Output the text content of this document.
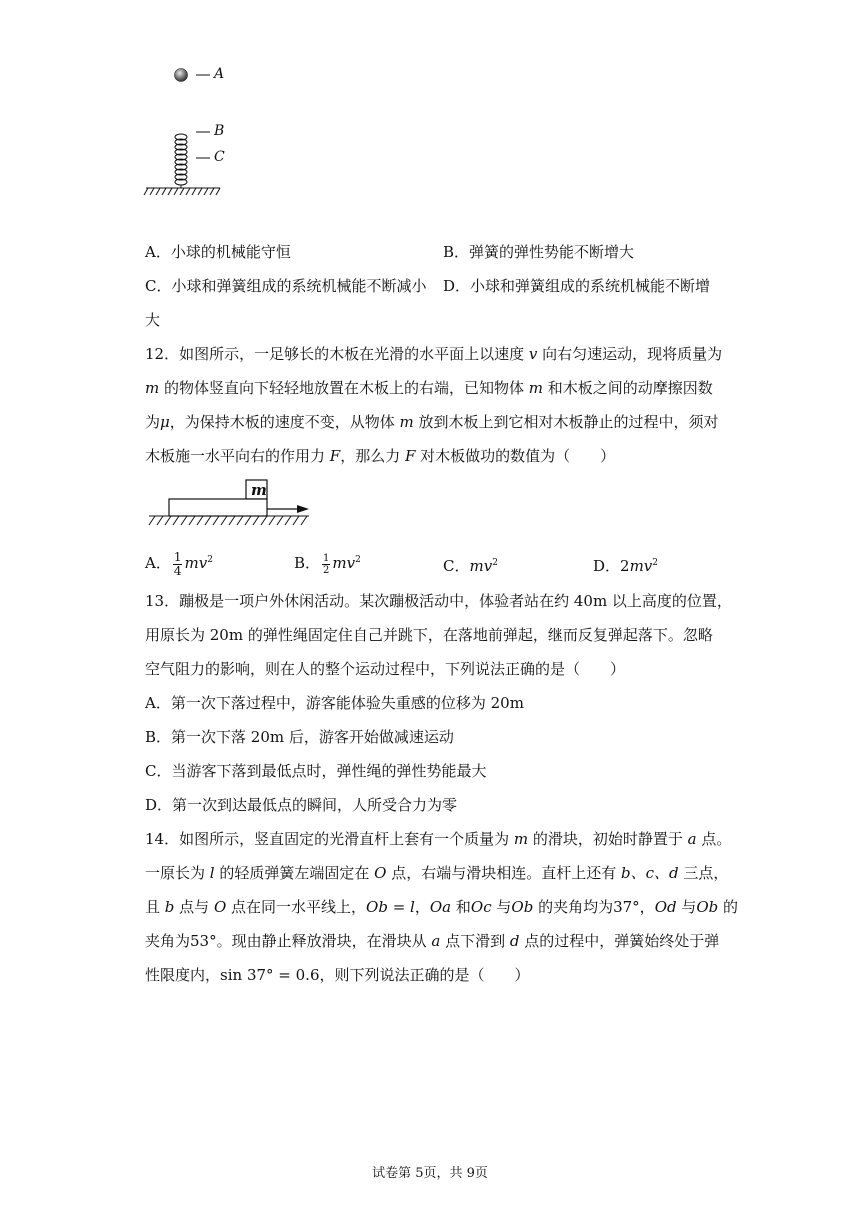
A
B
C
A．小球的机械能守恒	B．弹簧的弹性势能不断增大
C．小球和弹簧组成的系统机械能不断减小 D．小球和弹簧组成的系统机械能不断增
大
12．如图所示，一足够长的木板在光滑的水平面上以速度 v 向右匀速运动，现将质量为
m 的物体竖直向下轻轻地放置在木板上的右端，已知物体 m 和木板之间的动摩擦因数
为μ，为保持木板的速度不变，从物体 m 放到木板上到它相对木板静止的过程中，须对
木板施一水平向右的作用力 F，那么力 F 对木板做功的数值为（　　）
m
A． $\frac{1}{4} mv^2$	B． $\frac{1}{2} mv^2$	C．$mv^2$	D．$2mv^2$
13．蹦极是一项户外休闲活动。某次蹦极活动中，体验者站在约 40m 以上高度的位置，
用原长为 20m 的弹性绳固定住自己并跳下，在落地前弹起，继而反复弹起落下。忽略
空气阻力的影响，则在人的整个运动过程中，下列说法正确的是（　　）
A．第一次下落过程中，游客能体验失重感的位移为 20m
B．第一次下落 20m 后，游客开始做减速运动
C．当游客下落到最低点时，弹性绳的弹性势能最大
D．第一次到达最低点的瞬间，人所受合力为零
14．如图所示，竖直固定的光滑直杆上套有一个质量为 m 的滑块，初始时静置于 a 点。
一原长为 l 的轻质弹簧左端固定在 O 点，右端与滑块相连。直杆上还有 b、c、d 三点，
且 b 点与 O 点在同一水平线上，Ob = l，Oa 和Oc 与Ob 的夹角均为37°，Od 与Ob 的
夹角为53°。现由静止释放滑块，在滑块从 a 点下滑到 d 点的过程中，弹簧始终处于弹
性限度内，sin 37° = 0.6，则下列说法正确的是（　　）
试卷第 5页，共 9页
